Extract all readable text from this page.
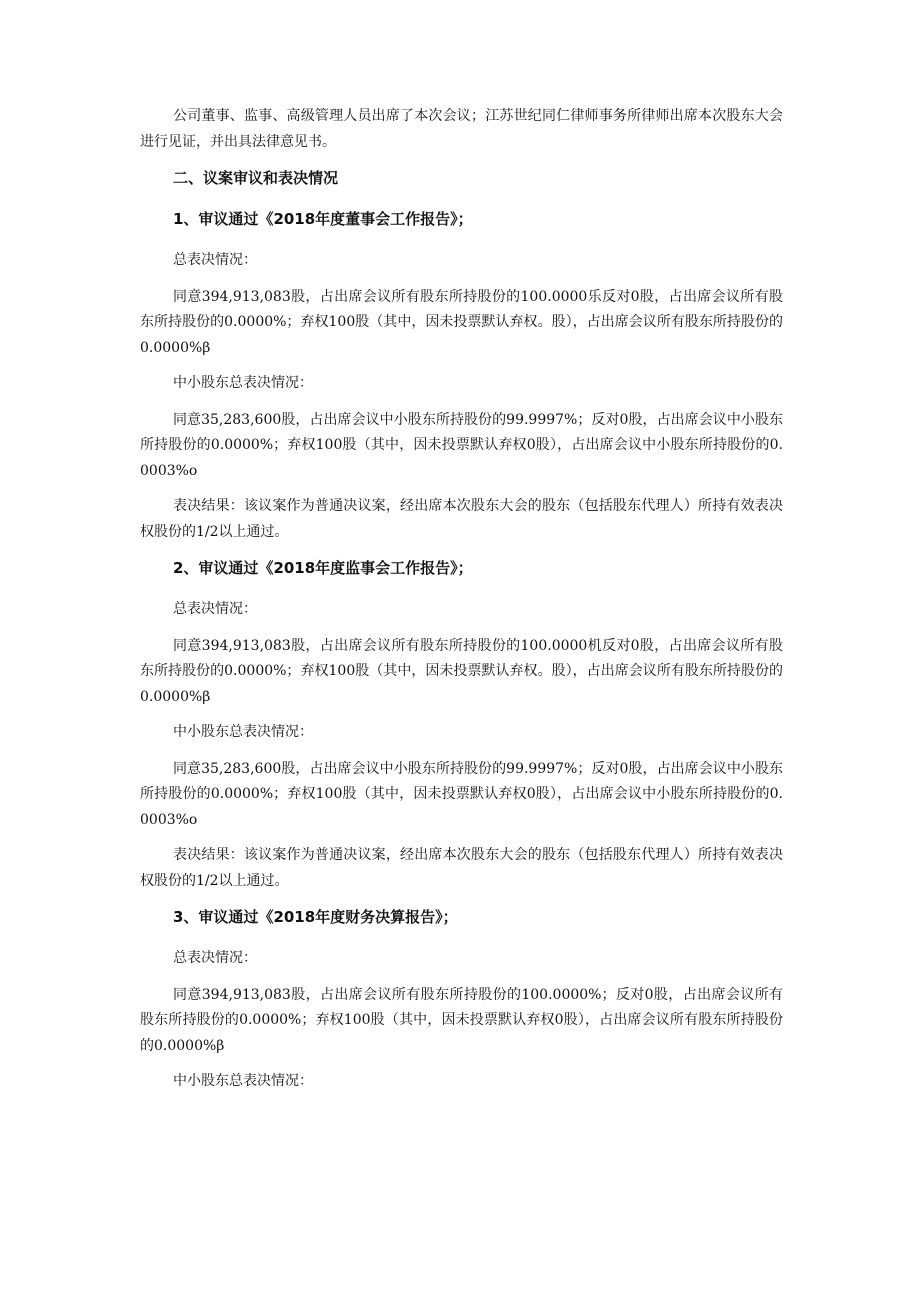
公司董事、监事、高级管理人员出席了本次会议；江苏世纪同仁律师事务所律师出席本次股东大会进行见证，并出具法律意见书。

二、议案审议和表决情况

1、审议通过《2018年度董事会工作报告》；

总表决情况：

同意394,913,083股，占出席会议所有股东所持股份的100.0000乐反对0股，占出席会议所有股东所持股份的0.0000%；弃权100股（其中，因未投票默认弃权。股），占出席会议所有股东所持股份的0.0000%β

中小股东总表决情况：

同意35,283,600股，占出席会议中小股东所持股份的99.9997%；反对0股，占出席会议中小股东所持股份的0.0000%；弃权100股（其中，因未投票默认弃权0股），占出席会议中小股东所持股份的0.0003%o

表决结果：该议案作为普通决议案，经出席本次股东大会的股东（包括股东代理人）所持有效表决权股份的1/2以上通过。

2、审议通过《2018年度监事会工作报告》；

总表决情况：

同意394,913,083股，占出席会议所有股东所持股份的100.0000机反对0股，占出席会议所有股东所持股份的0.0000%；弃权100股（其中，因未投票默认弃权。股），占出席会议所有股东所持股份的0.0000%β

中小股东总表决情况：

同意35,283,600股，占出席会议中小股东所持股份的99.9997%；反对0股，占出席会议中小股东所持股份的0.0000%；弃权100股（其中，因未投票默认弃权0股），占出席会议中小股东所持股份的0.0003%o

表决结果：该议案作为普通决议案，经出席本次股东大会的股东（包括股东代理人）所持有效表决权股份的1/2以上通过。

3、审议通过《2018年度财务决算报告》；

总表决情况：

同意394,913,083股，占出席会议所有股东所持股份的100.0000%；反对0股，占出席会议所有股东所持股份的0.0000%；弃权100股（其中，因未投票默认弃权0股），占出席会议所有股东所持股份的0.0000%β

中小股东总表决情况：
